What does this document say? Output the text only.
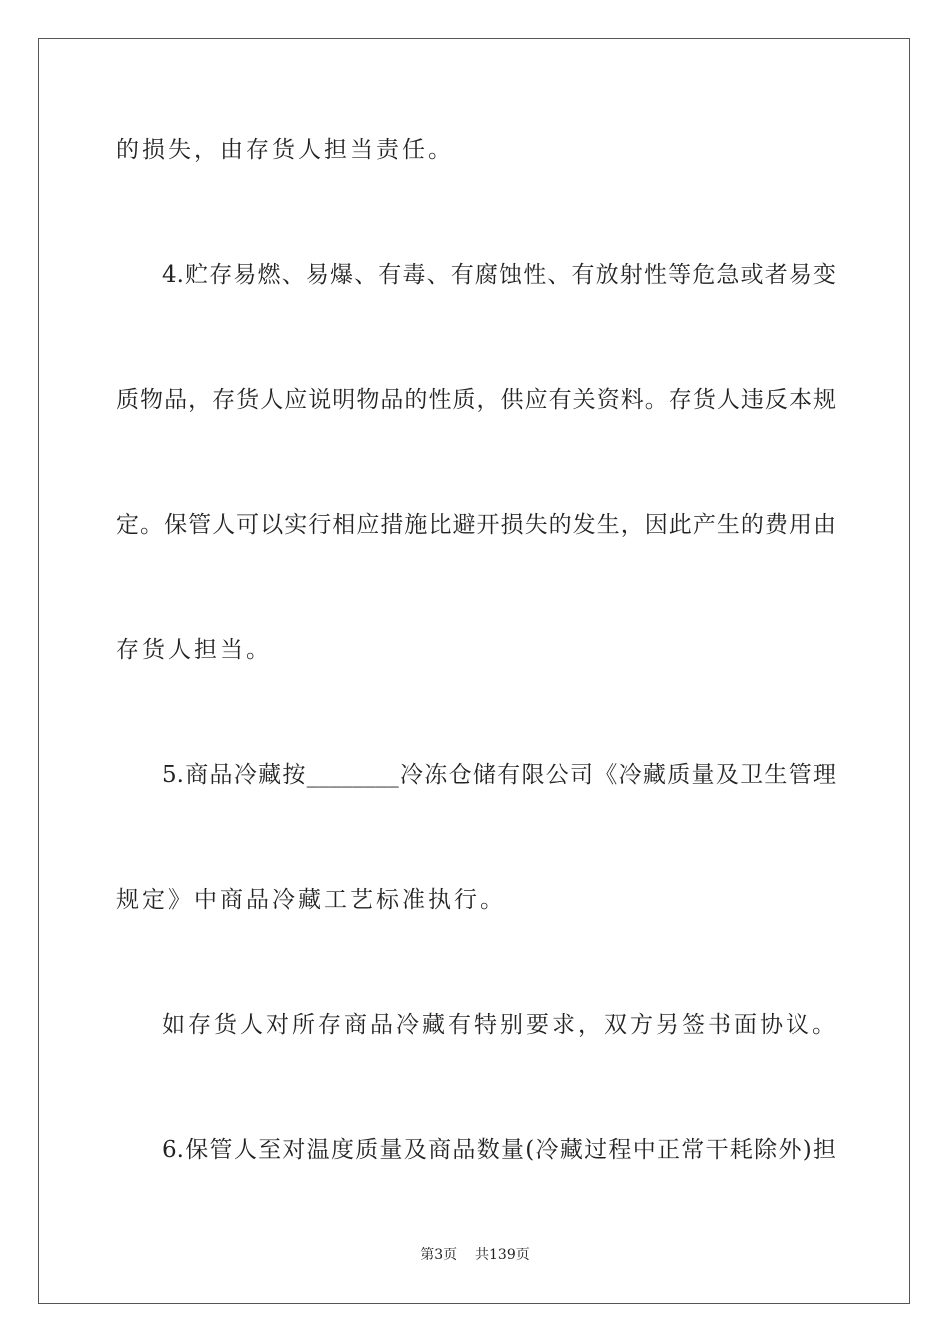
的损失，由存货人担当责任。
4.贮存易燃、易爆、有毒、有腐蚀性、有放射性等危急或者易变
质物品，存货人应说明物品的性质，供应有关资料。存货人违反本规
定。保管人可以实行相应措施比避开损失的发生，因此产生的费用由
存货人担当。
5.商品冷藏按________冷冻仓储有限公司《冷藏质量及卫生管理
规定》中商品冷藏工艺标准执行。
如存货人对所存商品冷藏有特别要求，双方另签书面协议。
6.保管人至对温度质量及商品数量(冷藏过程中正常干耗除外)担
第3页 共139页
